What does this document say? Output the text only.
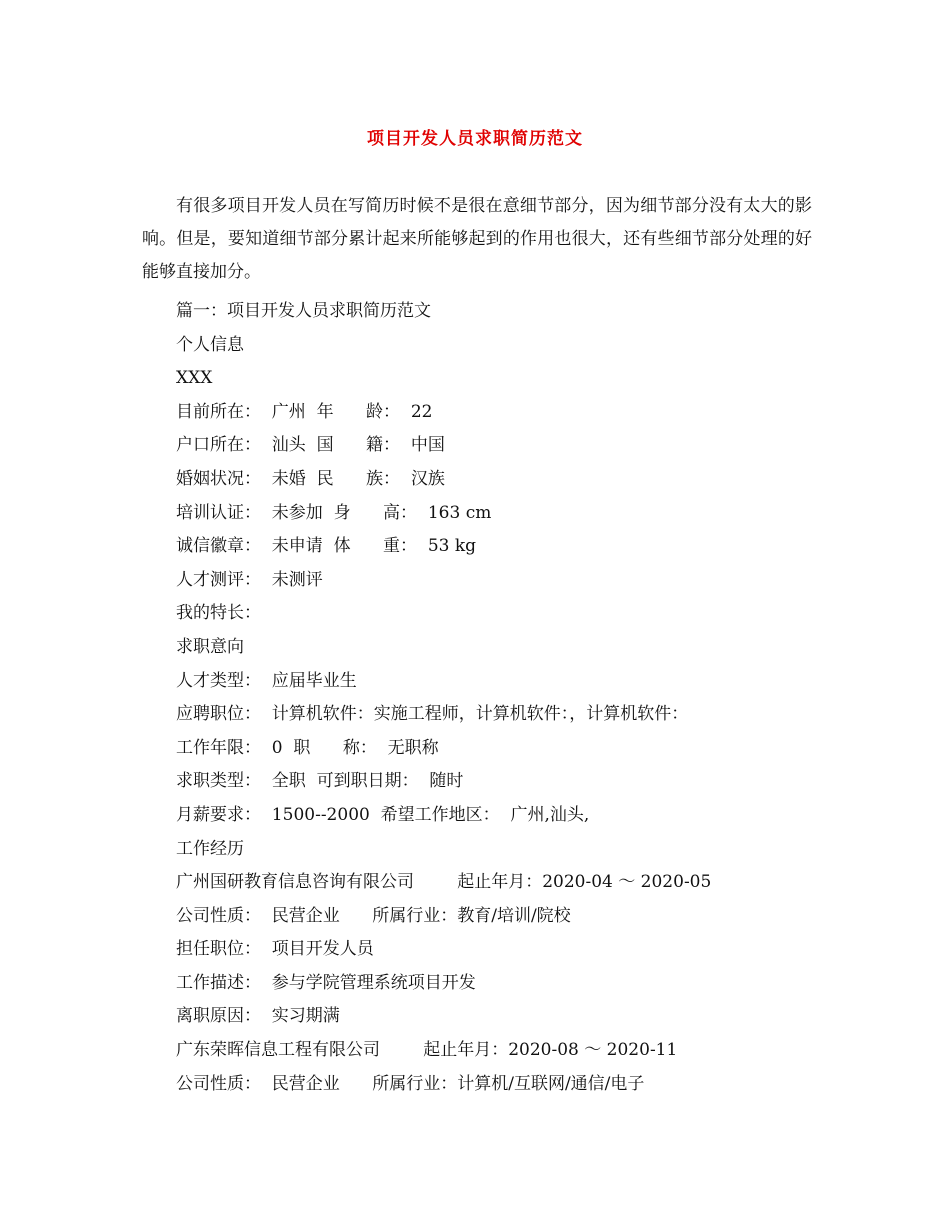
项目开发人员求职简历范文
有很多项目开发人员在写简历时候不是很在意细节部分，因为细节部分没有太大的影响。但是，要知道细节部分累计起来所能够起到的作用也很大，还有些细节部分处理的好能够直接加分。
篇一：项目开发人员求职简历范文
个人信息
XXX
目前所在：  广州  年      龄：  22
户口所在：  汕头  国      籍：  中国
婚姻状况：  未婚  民      族：  汉族
培训认证：  未参加  身      高：  163 cm
诚信徽章：  未申请  体      重：  53 kg
人才测评：  未测评
我的特长：
求职意向
人才类型：  应届毕业生
应聘职位：  计算机软件：实施工程师，计算机软件：，计算机软件：
工作年限：  0  职      称：  无职称
求职类型：  全职  可到职日期：  随时
月薪要求：  1500--2000  希望工作地区：  广州,汕头,
工作经历
广州国研教育信息咨询有限公司        起止年月：2020-04 ～ 2020-05
公司性质：  民营企业      所属行业：教育/培训/院校
担任职位：  项目开发人员
工作描述：  参与学院管理系统项目开发
离职原因：  实习期满
广东荣晖信息工程有限公司        起止年月：2020-08 ～ 2020-11
公司性质：  民营企业      所属行业：计算机/互联网/通信/电子
